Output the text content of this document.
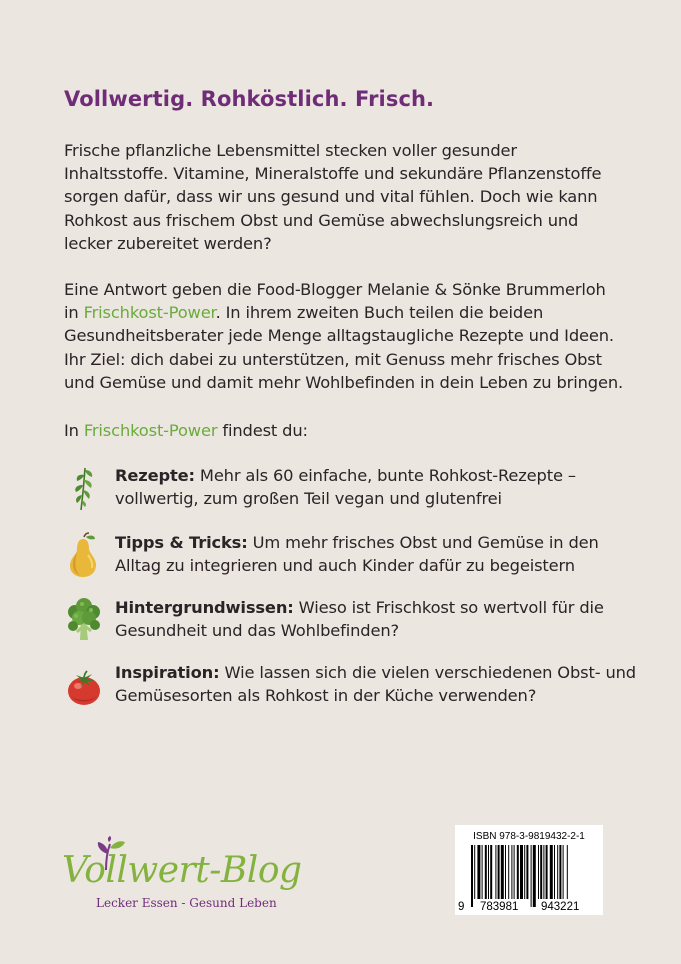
Vollwertig. Rohköstlich. Frisch.
Frische pflanzliche Lebensmittel stecken voller gesunder Inhaltsstoffe. Vitamine, Mineralstoffe und sekundäre Pflanzenstoffe sorgen dafür, dass wir uns gesund und vital fühlen. Doch wie kann Rohkost aus frischem Obst und Gemüse abwechslungsreich und lecker zubereitet werden?
Eine Antwort geben die Food-Blogger Melanie & Sönke Brummerloh in Frischkost-Power. In ihrem zweiten Buch teilen die beiden Gesundheitsberater jede Menge alltagstaugliche Rezepte und Ideen. Ihr Ziel: dich dabei zu unterstützen, mit Genuss mehr frisches Obst und Gemüse und damit mehr Wohlbefinden in dein Leben zu bringen.
In Frischkost-Power findest du:
Rezepte: Mehr als 60 einfache, bunte Rohkost-Rezepte – vollwertig, zum großen Teil vegan und glutenfrei
Tipps & Tricks: Um mehr frisches Obst und Gemüse in den Alltag zu integrieren und auch Kinder dafür zu begeistern
Hintergrundwissen: Wieso ist Frischkost so wertvoll für die Gesundheit und das Wohlbefinden?
Inspiration: Wie lassen sich die vielen verschiedenen Obst- und Gemüsesorten als Rohkost in der Küche verwenden?
Vollwert-Blog
Lecker Essen - Gesund Leben
ISBN 978-3-9819432-2-1
9 783981 943221
